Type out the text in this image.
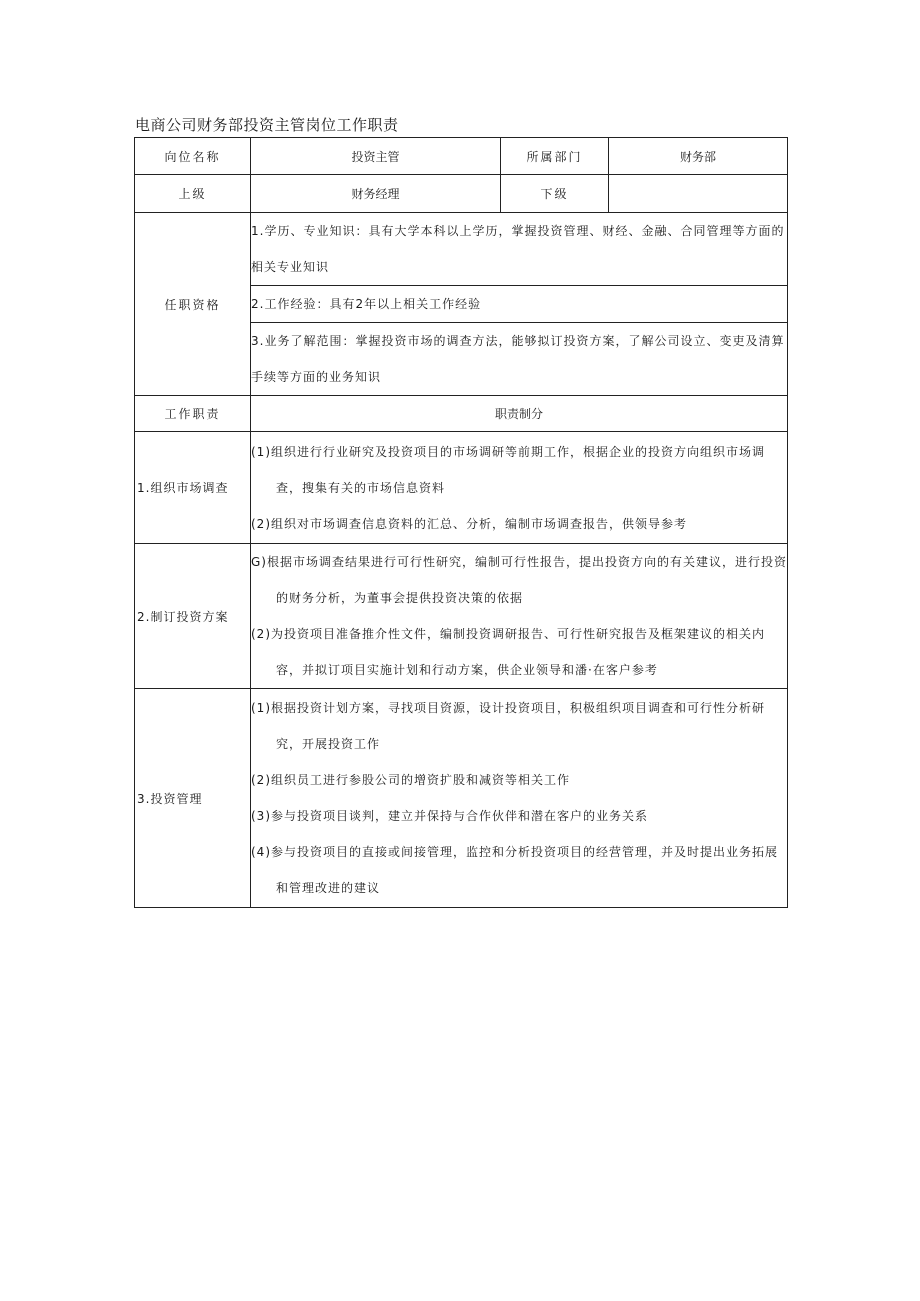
电商公司财务部投资主管岗位工作职责
向位名称	投资主管	所属部门	财务部
上级	财务经理	下级	
任职资格	1.学历、专业知识：具有大学本科以上学历，掌握投资管理、财经、金融、合同管理等方面的相关专业知识		
	2.工作经验：具有2年以上相关工作经验		
	3.业务了解范围：掌握投资市场的调查方法，能够拟订投资方案，了解公司设立、变吏及清算手续等方面的业务知识		
工作职责	职责制分		
1.组织市场调查	(1)组织进行行业研究及投资项目的市场调研等前期工作，根据企业的投资方向组织市场调查，搜集有关的市场信息资料
(2)组织对市场调查信息资料的汇总、分析，编制市场调查报告，供领导参考		

2.制订投资方案	G)根据市场调查结果进行可行性研究，编制可行性报告，提出投资方向的有关建议，进行投资的财务分析，为董事会提供投资决策的依据
(2)为投资项目准备推介性文件，编制投资调研报告、可行性研究报告及框架建议的相关内容，并拟订项目实施计划和行动方案，供企业领导和潘·在客户参考		

3.投资管理	(1)根据投资计划方案，寻找项目资源，设计投资项目，积极组织项目调查和可行性分析研究，开展投资工作
(2)组织员工进行参股公司的增资扩股和减资等相关工作
(3)参与投资项目谈判，建立并保持与合作伙伴和潜在客户的业务关系
(4)参与投资项目的直接或间接管理，监控和分析投资项目的经营管理，并及时提出业务拓展和管理改进的建议		
